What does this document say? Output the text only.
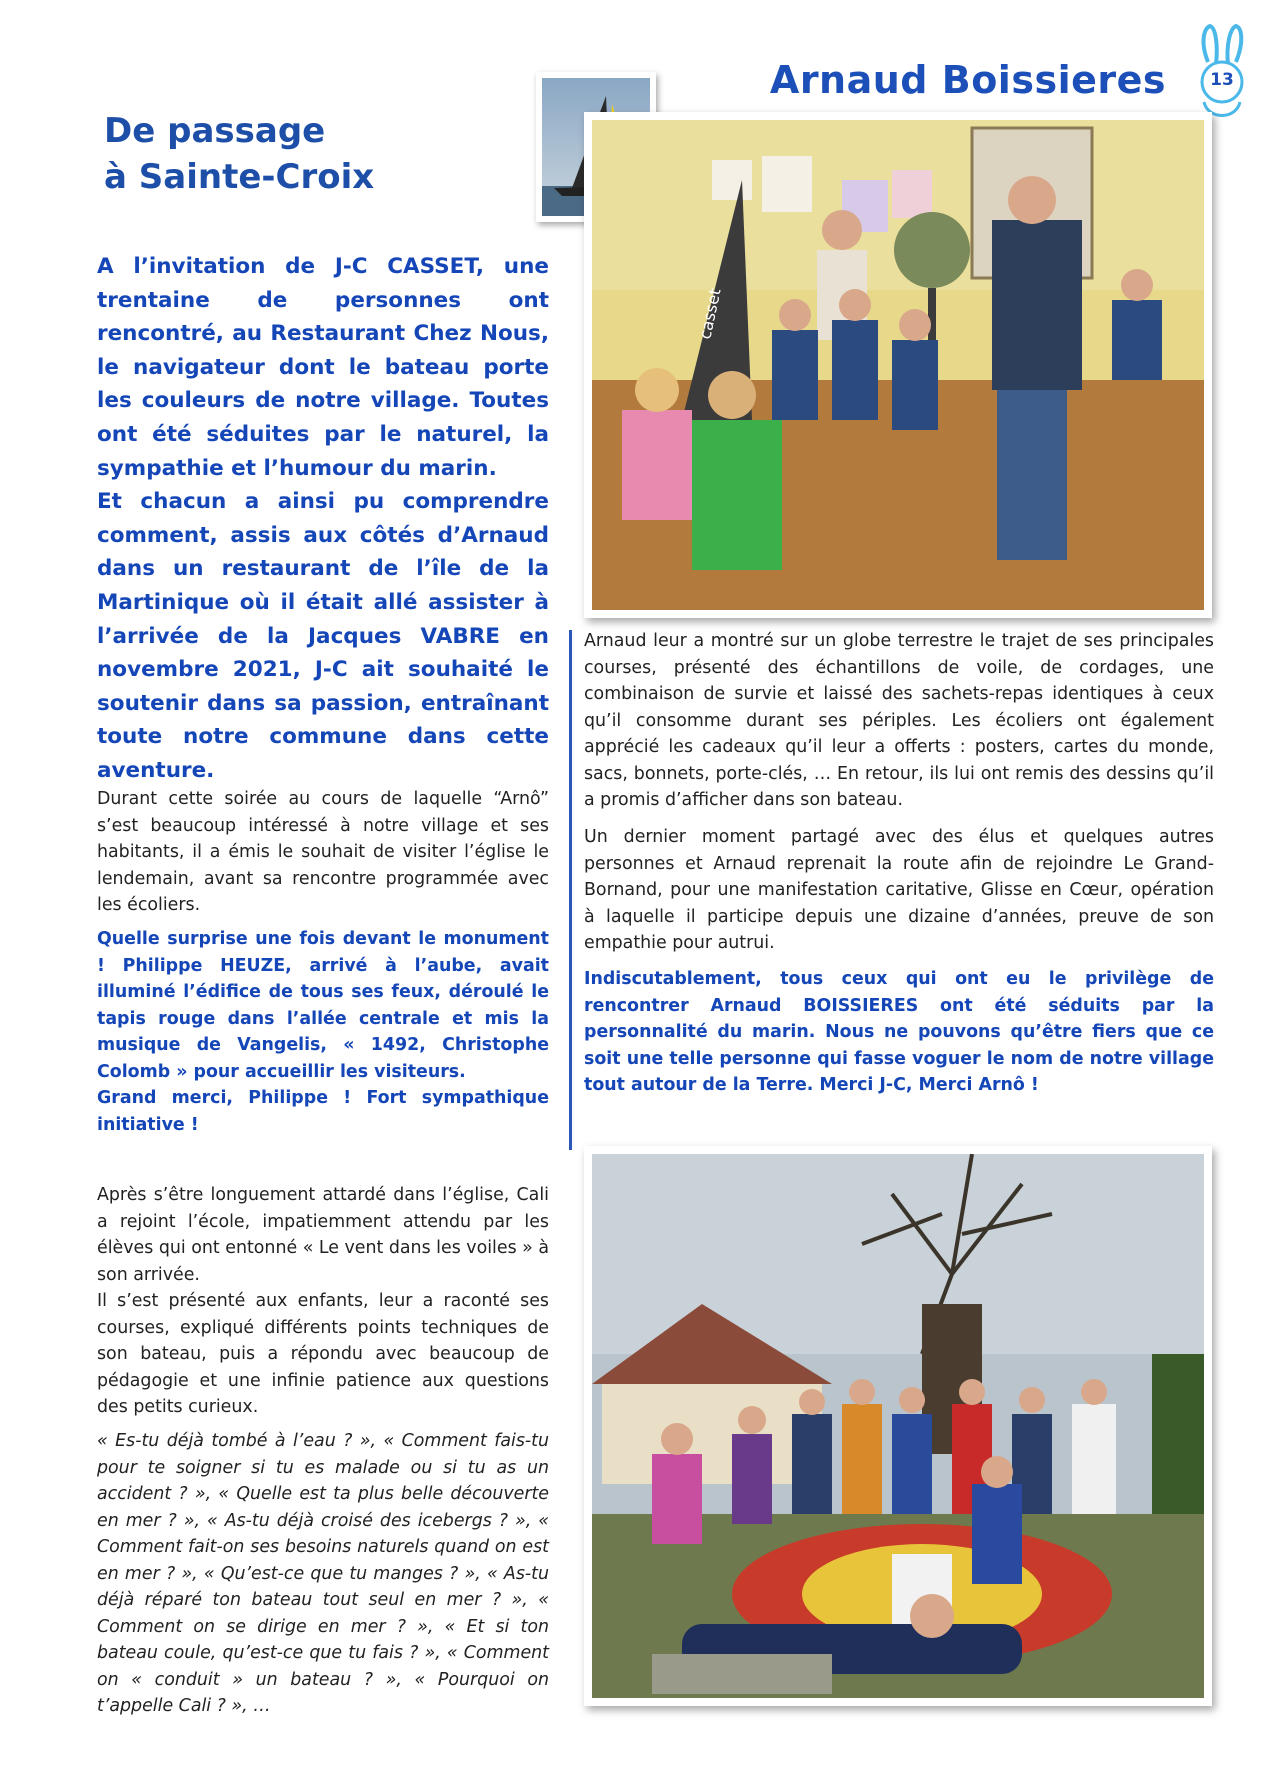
Arnaud Boissieres	13
De passage
à Sainte-Croix

A l’invitation de J-C CASSET, une trentaine de personnes ont rencontré, au Restaurant Chez Nous, le navigateur dont le bateau porte les couleurs de notre village. Toutes ont été séduites par le naturel, la sympathie et l’humour du marin.

Et chacun a ainsi pu comprendre comment, assis aux côtés d’Arnaud dans un restaurant de l’île de la Martinique où il était allé assister à l’arrivée de la Jacques VABRE en novembre 2021, J-C ait souhaité le soutenir dans sa passion, entraînant toute notre commune dans cette aventure.

Durant cette soirée au cours de laquelle “Arnô” s’est beaucoup intéressé à notre village et ses habitants, il a émis le souhait de visiter l’église le lendemain, avant sa rencontre programmée avec les écoliers.

Quelle surprise une fois devant le monument ! Philippe HEUZE, arrivé à l’aube, avait illuminé l’édifice de tous ses feux, déroulé le tapis rouge dans l’allée centrale et mis la musique de Vangelis, « 1492, Christophe Colomb » pour accueillir les visiteurs.

Grand merci, Philippe ! Fort sympathique initiative !

Après s’être longuement attardé dans l’église, Cali a rejoint l’école, impatiemment attendu par les élèves qui ont entonné « Le vent dans les voiles » à son arrivée.

Il s’est présenté aux enfants, leur a raconté ses courses, expliqué différents points techniques de son bateau, puis a répondu avec beaucoup de pédagogie et une infinie patience aux questions des petits curieux.

« Es-tu déjà tombé à l’eau ? », « Comment fais-tu pour te soigner si tu es malade ou si tu as un accident ? », « Quelle est ta plus belle découverte en mer ? », « As-tu déjà croisé des icebergs ? », « Comment fait-on ses besoins naturels quand on est en mer ? », « Qu’est-ce que tu manges ? », « As-tu déjà réparé ton bateau tout seul en mer ? », « Comment on se dirige en mer ? », « Et si ton bateau coule, qu’est-ce que tu fais ? », « Comment on « conduit » un bateau ? », « Pourquoi on t’appelle Cali ? », …
casset

Arnaud leur a montré sur un globe terrestre le trajet de ses principales courses, présenté des échantillons de voile, de cordages, une combinaison de survie et laissé des sachets-repas identiques à ceux qu’il consomme durant ses périples. Les écoliers ont également apprécié les cadeaux qu’il leur a offerts : posters, cartes du monde, sacs, bonnets, porte-clés, … En retour, ils lui ont remis des dessins qu’il a promis d’afficher dans son bateau.

Un dernier moment partagé avec des élus et quelques autres personnes et Arnaud reprenait la route afin de rejoindre Le Grand-Bornand, pour une manifestation caritative, Glisse en Cœur, opération à laquelle il participe depuis une dizaine d’années, preuve de son empathie pour autrui.

Indiscutablement, tous ceux qui ont eu le privilège de rencontrer Arnaud BOISSIERES ont été séduits par la personnalité du marin. Nous ne pouvons qu’être fiers que ce soit une telle personne qui fasse voguer le nom de notre village tout autour de la Terre. Merci J-C, Merci Arnô !
